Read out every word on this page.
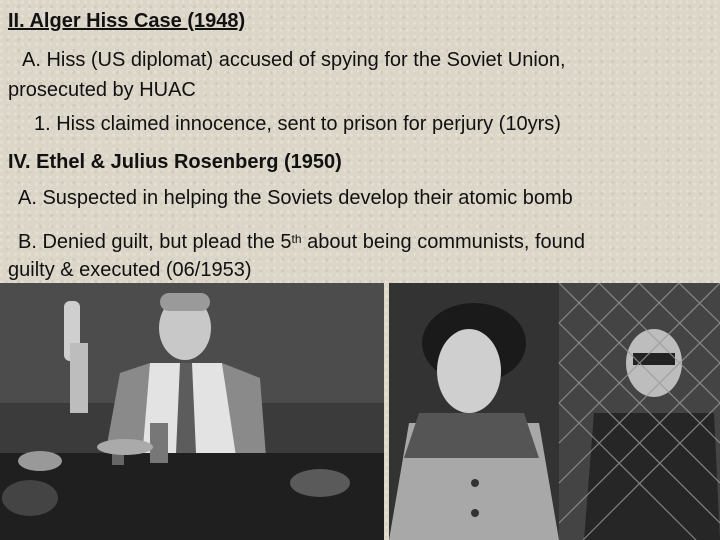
II. Alger Hiss Case (1948)
A. Hiss (US diplomat) accused of spying for the Soviet Union,
prosecuted by HUAC
1. Hiss claimed innocence, sent to prison for perjury (10yrs)
IV. Ethel & Julius Rosenberg (1950)
A. Suspected in helping the Soviets develop their atomic bomb
B. Denied guilt, but plead the 5th about being communists, found
guilty & executed (06/1953)
